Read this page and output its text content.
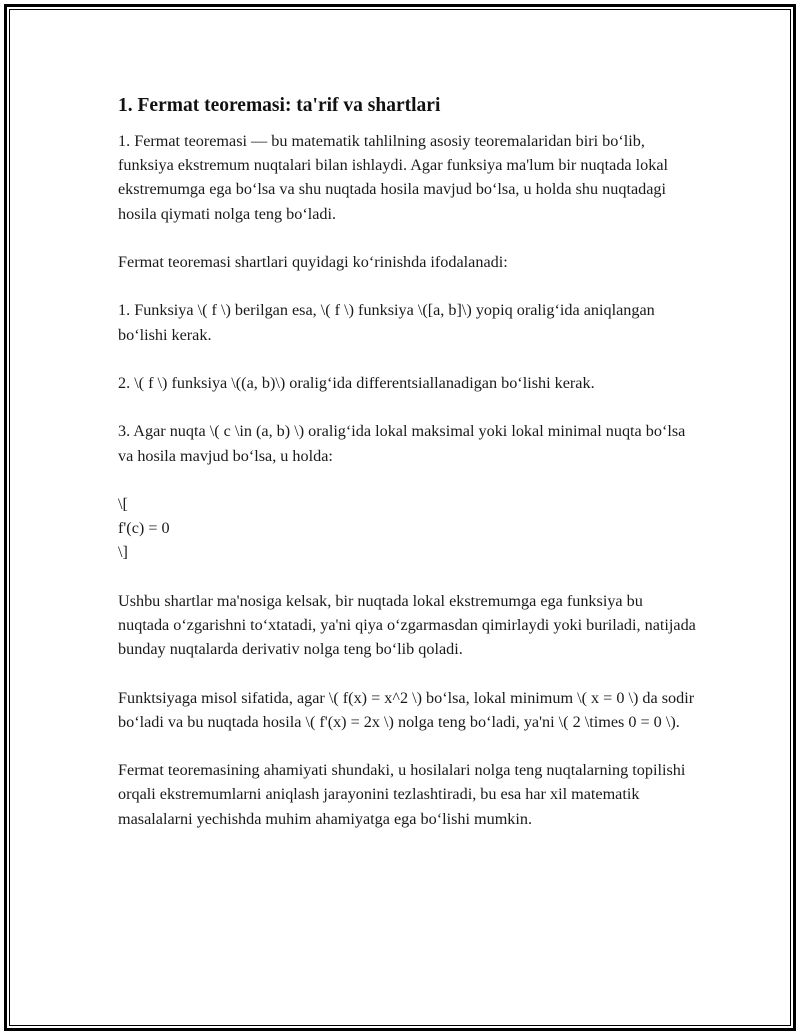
1. Fermat teoremasi: ta'rif va shartlari

1. Fermat teoremasi — bu matematik tahlilning asosiy teoremalaridan biri bo‘lib, funksiya ekstremum nuqtalari bilan ishlaydi. Agar funksiya ma'lum bir nuqtada lokal ekstremumga ega bo‘lsa va shu nuqtada hosila mavjud bo‘lsa, u holda shu nuqtadagi hosila qiymati nolga teng bo‘ladi.

Fermat teoremasi shartlari quyidagi ko‘rinishda ifodalanadi:

1. Funksiya \( f \) berilgan esa, \( f \) funksiya \([a, b]\) yopiq oralig‘ida aniqlangan bo‘lishi kerak.

2. \( f \) funksiya \((a, b)\) oralig‘ida differentsiallanadigan bo‘lishi kerak.

3. Agar nuqta \( c \in (a, b) \) oralig‘ida lokal maksimal yoki lokal minimal nuqta bo‘lsa va hosila mavjud bo‘lsa, u holda:

\[
f'(c) = 0
\]

Ushbu shartlar ma'nosiga kelsak, bir nuqtada lokal ekstremumga ega funksiya bu nuqtada o‘zgarishni to‘xtatadi, ya'ni qiya o‘zgarmasdan qimirlaydi yoki buriladi, natijada bunday nuqtalarda derivativ nolga teng bo‘lib qoladi.

Funktsiyaga misol sifatida, agar \( f(x) = x^2 \) bo‘lsa, lokal minimum \( x = 0 \) da sodir bo‘ladi va bu nuqtada hosila \( f'(x) = 2x \) nolga teng bo‘ladi, ya'ni \( 2 \times 0 = 0 \).

Fermat teoremasining ahamiyati shundaki, u hosilalari nolga teng nuqtalarning topilishi orqali ekstremumlarni aniqlash jarayonini tezlashtiradi, bu esa har xil matematik masalalarni yechishda muhim ahamiyatga ega bo‘lishi mumkin.
